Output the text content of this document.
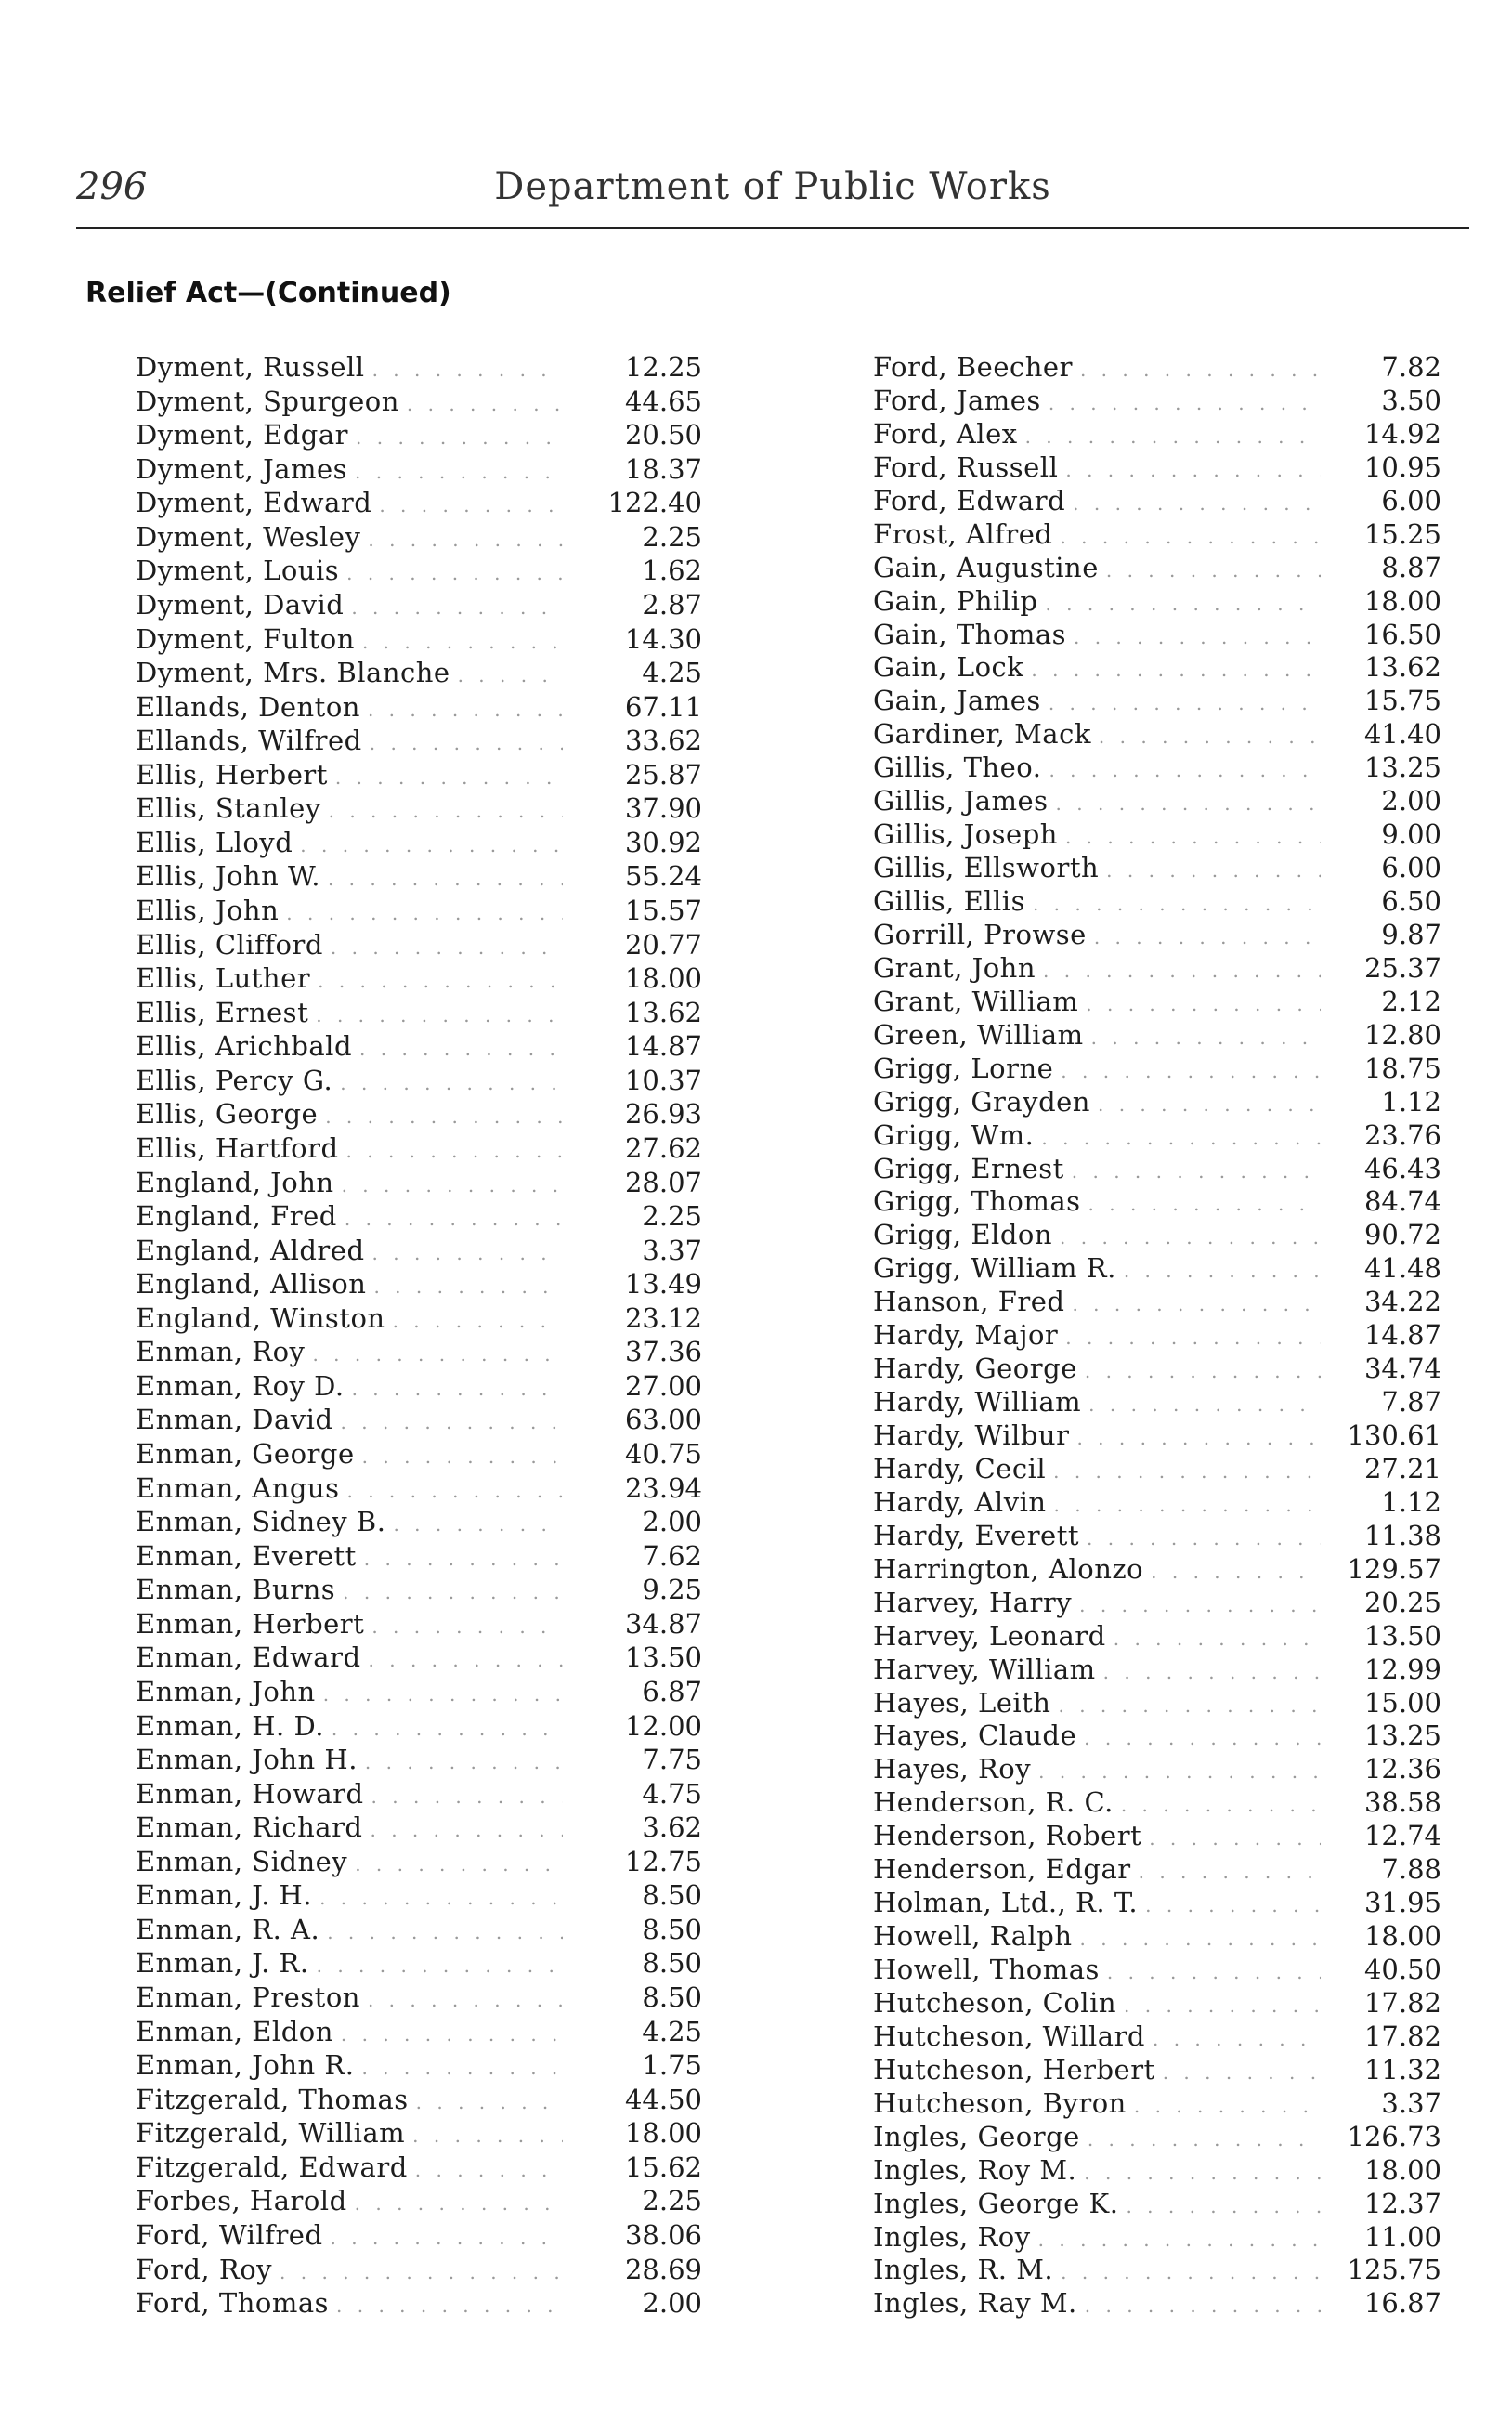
296	Department of Public Works
Relief Act—(Continued)
Dyment, Russell . . .	12.25
Dyment, Spurgeon . . .	44.65
Dyment, Edgar . . .	20.50
Dyment, James . . .	18.37
Dyment, Edward . . .	122.40
Dyment, Wesley . . .	2.25
Dyment, Louis . . .	1.62
Dyment, David . . .	2.87
Dyment, Fulton . . .	14.30
Dyment, Mrs. Blanche . . .	4.25
Ellands, Denton . . .	67.11
Ellands, Wilfred . . .	33.62
Ellis, Herbert . . .	25.87
Ellis, Stanley . . .	37.90
Ellis, Lloyd . . .	30.92
Ellis, John W. . . .	55.24
Ellis, John . . .	15.57
Ellis, Clifford . . .	20.77
Ellis, Luther . . .	18.00
Ellis, Ernest . . .	13.62
Ellis, Arichbald . . .	14.87
Ellis, Percy G. . . .	10.37
Ellis, George . . .	26.93
Ellis, Hartford . . .	27.62
England, John . . .	28.07
England, Fred . . .	2.25
England, Aldred . . .	3.37
England, Allison . . .	13.49
England, Winston . . .	23.12
Enman, Roy . . .	37.36
Enman, Roy D. . . .	27.00
Enman, David . . .	63.00
Enman, George . . .	40.75
Enman, Angus . . .	23.94
Enman, Sidney B. . . .	2.00
Enman, Everett . . .	7.62
Enman, Burns . . .	9.25
Enman, Herbert . . .	34.87
Enman, Edward . . .	13.50
Enman, John . . .	6.87
Enman, H. D. . . .	12.00
Enman, John H. . . .	7.75
Enman, Howard . . .	4.75
Enman, Richard . . .	3.62
Enman, Sidney . . .	12.75
Enman, J. H. . . .	8.50
Enman, R. A. . . .	8.50
Enman, J. R. . . .	8.50
Enman, Preston . . .	8.50
Enman, Eldon . . .	4.25
Enman, John R. . . .	1.75
Fitzgerald, Thomas . . .	44.50
Fitzgerald, William . . .	18.00
Fitzgerald, Edward . . .	15.62
Forbes, Harold . . .	2.25
Ford, Wilfred . . .	38.06
Ford, Roy . . .	28.69
Ford, Thomas . . .	2.00
Ford, Beecher . . .	7.82
Ford, James . . .	3.50
Ford, Alex . . .	14.92
Ford, Russell . . .	10.95
Ford, Edward . . .	6.00
Frost, Alfred . . .	15.25
Gain, Augustine . . .	8.87
Gain, Philip . . .	18.00
Gain, Thomas . . .	16.50
Gain, Lock . . .	13.62
Gain, James . . .	15.75
Gardiner, Mack . . .	41.40
Gillis, Theo. . . .	13.25
Gillis, James . . .	2.00
Gillis, Joseph . . .	9.00
Gillis, Ellsworth . . .	6.00
Gillis, Ellis . . .	6.50
Gorrill, Prowse . . .	9.87
Grant, John . . .	25.37
Grant, William . . .	2.12
Green, William . . .	12.80
Grigg, Lorne . . .	18.75
Grigg, Grayden . . .	1.12
Grigg, Wm. . . .	23.76
Grigg, Ernest . . .	46.43
Grigg, Thomas . . .	84.74
Grigg, Eldon . . .	90.72
Grigg, William R. . . .	41.48
Hanson, Fred . . .	34.22
Hardy, Major . . .	14.87
Hardy, George . . .	34.74
Hardy, William . . .	7.87
Hardy, Wilbur . . .	130.61
Hardy, Cecil . . .	27.21
Hardy, Alvin . . .	1.12
Hardy, Everett . . .	11.38
Harrington, Alonzo . . .	129.57
Harvey, Harry . . .	20.25
Harvey, Leonard . . .	13.50
Harvey, William . . .	12.99
Hayes, Leith . . .	15.00
Hayes, Claude . . .	13.25
Hayes, Roy . . .	12.36
Henderson, R. C. . . .	38.58
Henderson, Robert . . .	12.74
Henderson, Edgar . . .	7.88
Holman, Ltd., R. T. . . .	31.95
Howell, Ralph . . .	18.00
Howell, Thomas . . .	40.50
Hutcheson, Colin . . .	17.82
Hutcheson, Willard . . .	17.82
Hutcheson, Herbert . . .	11.32
Hutcheson, Byron . . .	3.37
Ingles, George . . .	126.73
Ingles, Roy M. . . .	18.00
Ingles, George K. . . .	12.37
Ingles, Roy . . .	11.00
Ingles, R. M. . . .	125.75
Ingles, Ray M. . . .	16.87
